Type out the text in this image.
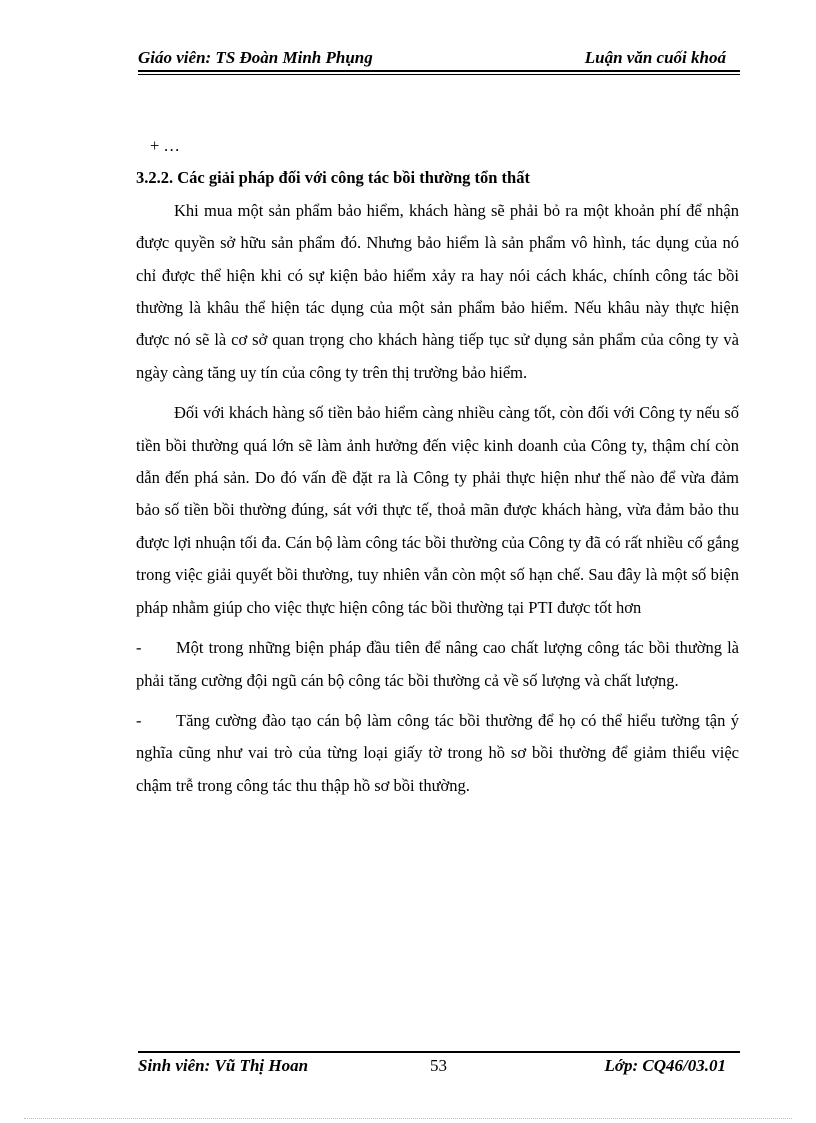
Giáo viên: TS Đoàn Minh Phụng	Luận văn cuối khoá

+ …

3.2.2. Các giải pháp đối với công tác bồi thường tổn thất

Khi mua một sản phẩm bảo hiểm, khách hàng sẽ phải bỏ ra một khoản phí để nhận được quyền sở hữu sản phẩm đó. Nhưng bảo hiểm là sản phẩm vô hình, tác dụng của nó chỉ được thể hiện khi có sự kiện bảo hiểm xảy ra hay nói cách khác, chính công tác bồi thường là khâu thể hiện tác dụng của một sản phẩm bảo hiểm. Nếu khâu này thực hiện được nó sẽ là cơ sở quan trọng cho khách hàng tiếp tục sử dụng sản phẩm của công ty và ngày càng tăng uy tín của công ty trên thị trường bảo hiểm.

Đối với khách hàng số tiền bảo hiểm càng nhiều càng tốt, còn đối với Công ty nếu số tiền bồi thường quá lớn sẽ làm ảnh hưởng đến việc kinh doanh của Công ty, thậm chí còn dẫn đến phá sản. Do đó vấn đề đặt ra là Công ty phải thực hiện như thế nào để vừa đảm bảo số tiền bồi thường đúng, sát với thực tế, thoả mãn được khách hàng, vừa đảm bảo thu được lợi nhuận tối đa. Cán bộ làm công tác bồi thường của Công ty đã có rất nhiều cố gắng trong việc giải quyết bồi thường, tuy nhiên vẫn còn một số hạn chế. Sau đây là một số biện pháp nhằm giúp cho việc thực hiện công tác bồi thường tại PTI được tốt hơn

- Một trong những biện pháp đầu tiên để nâng cao chất lượng công tác bồi thường là phải tăng cường đội ngũ cán bộ công tác bồi thường cả về số lượng và chất lượng.

- Tăng cường đào tạo cán bộ làm công tác bồi thường để họ có thể hiểu tường tận ý nghĩa cũng như vai trò của từng loại giấy tờ trong hồ sơ bồi thường để giảm thiểu việc chậm trễ trong công tác thu thập hồ sơ bồi thường.

Sinh viên: Vũ Thị Hoan	53	Lớp: CQ46/03.01
